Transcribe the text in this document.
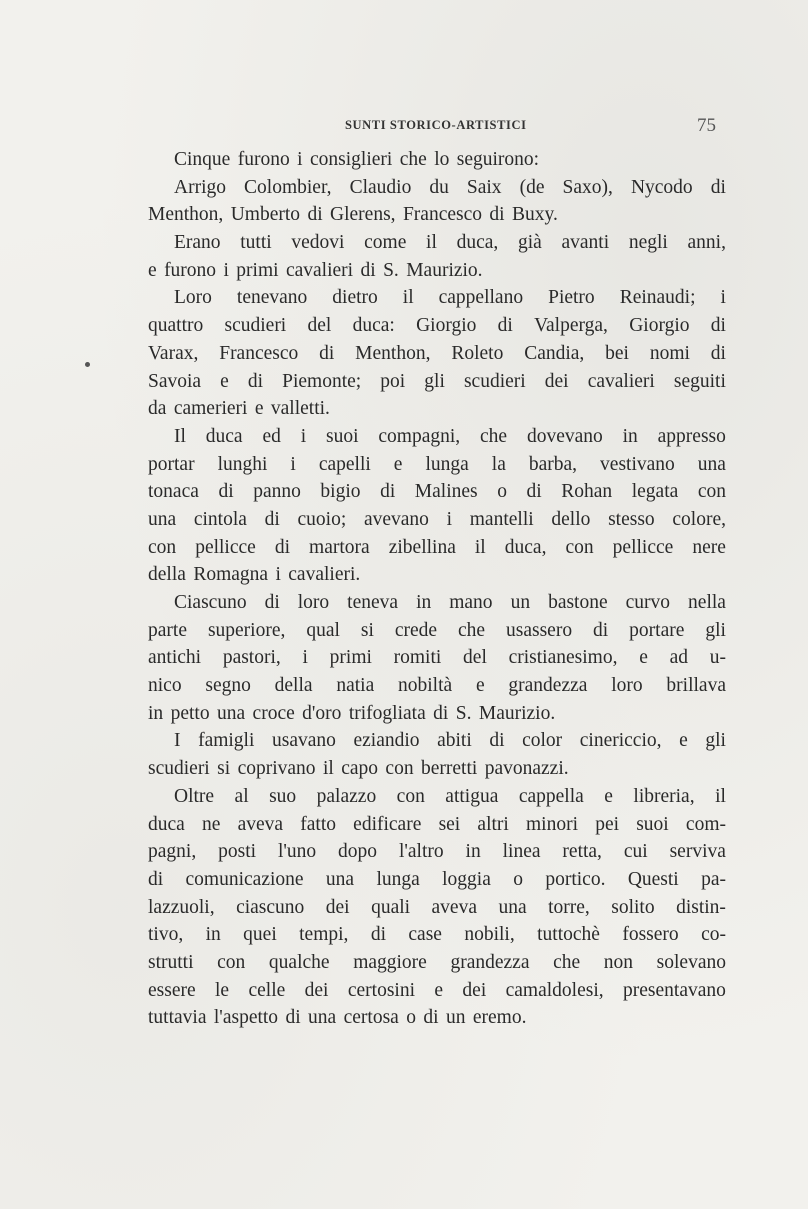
SUNTI STORICO-ARTISTICI	75
Cinque furono i consiglieri che lo seguirono:
Arrigo Colombier, Claudio du Saix (de Saxo), Nycodo di
Menthon, Umberto di Glerens, Francesco di Buxy.
Erano tutti vedovi come il duca, già avanti negli anni,
e furono i primi cavalieri di S. Maurizio.
Loro tenevano dietro il cappellano Pietro Reinaudi; i
quattro scudieri del duca: Giorgio di Valperga, Giorgio di
Varax, Francesco di Menthon, Roleto Candia, bei nomi di
Savoia e di Piemonte; poi gli scudieri dei cavalieri seguiti
da camerieri e valletti.
Il duca ed i suoi compagni, che dovevano in appresso
portar lunghi i capelli e lunga la barba, vestivano una
tonaca di panno bigio di Malines o di Rohan legata con
una cintola di cuoio; avevano i mantelli dello stesso colore,
con pellicce di martora zibellina il duca, con pellicce nere
della Romagna i cavalieri.
Ciascuno di loro teneva in mano un bastone curvo nella
parte superiore, qual si crede che usassero di portare gli
antichi pastori, i primi romiti del cristianesimo, e ad u-
nico segno della natia nobiltà e grandezza loro brillava
in petto una croce d'oro trifogliata di S. Maurizio.
I famigli usavano eziandio abiti di color cinericcio, e gli
scudieri si coprivano il capo con berretti pavonazzi.
Oltre al suo palazzo con attigua cappella e libreria, il
duca ne aveva fatto edificare sei altri minori pei suoi com-
pagni, posti l'uno dopo l'altro in linea retta, cui serviva
di comunicazione una lunga loggia o portico. Questi pa-
lazzuoli, ciascuno dei quali aveva una torre, solito distin-
tivo, in quei tempi, di case nobili, tuttochè fossero co-
strutti con qualche maggiore grandezza che non solevano
essere le celle dei certosini e dei camaldolesi, presentavano
tuttavia l'aspetto di una certosa o di un eremo.
